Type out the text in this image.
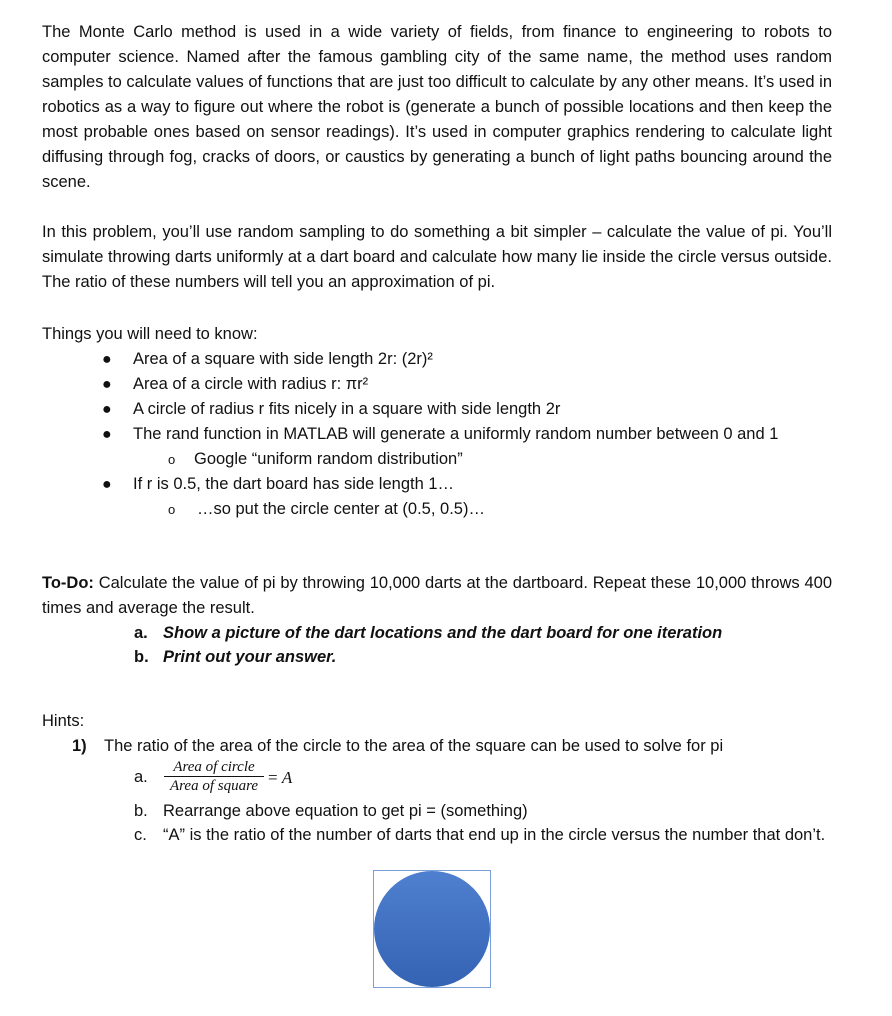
The Monte Carlo method is used in a wide variety of fields, from finance to engineering to robots to computer science. Named after the famous gambling city of the same name, the method uses random samples to calculate values of functions that are just too difficult to calculate by any other means. It’s used in robotics as a way to figure out where the robot is (generate a bunch of possible locations and then keep the most probable ones based on sensor readings). It’s used in computer graphics rendering to calculate light diffusing through fog, cracks of doors, or caustics by generating a bunch of light paths bouncing around the scene.

In this problem, you’ll use random sampling to do something a bit simpler – calculate the value of pi. You’ll simulate throwing darts uniformly at a dart board and calculate how many lie inside the circle versus outside. The ratio of these numbers will tell you an approximation of pi.

Things you will need to know:
● Area of a square with side length 2r: (2r)²
● Area of a circle with radius r: πr²
● A circle of radius r fits nicely in a square with side length 2r
● The rand function in MATLAB will generate a uniformly random number between 0 and 1
o Google “uniform random distribution”
● If r is 0.5, the dart board has side length 1…
o …so put the circle center at (0.5, 0.5)…

To-Do: Calculate the value of pi by throwing 10,000 darts at the dartboard. Repeat these 10,000 throws 400 times and average the result.

a. Show a picture of the dart locations and the dart board for one iteration
b. Print out your answer.
Hints:
1) The ratio of the area of the circle to the area of the square can be used to solve for pi
a.
Area of circle
Area of square = A
b. Rearrange above equation to get pi = (something)
c. “A” is the ratio of the number of darts that end up in the circle versus the number that don’t.
